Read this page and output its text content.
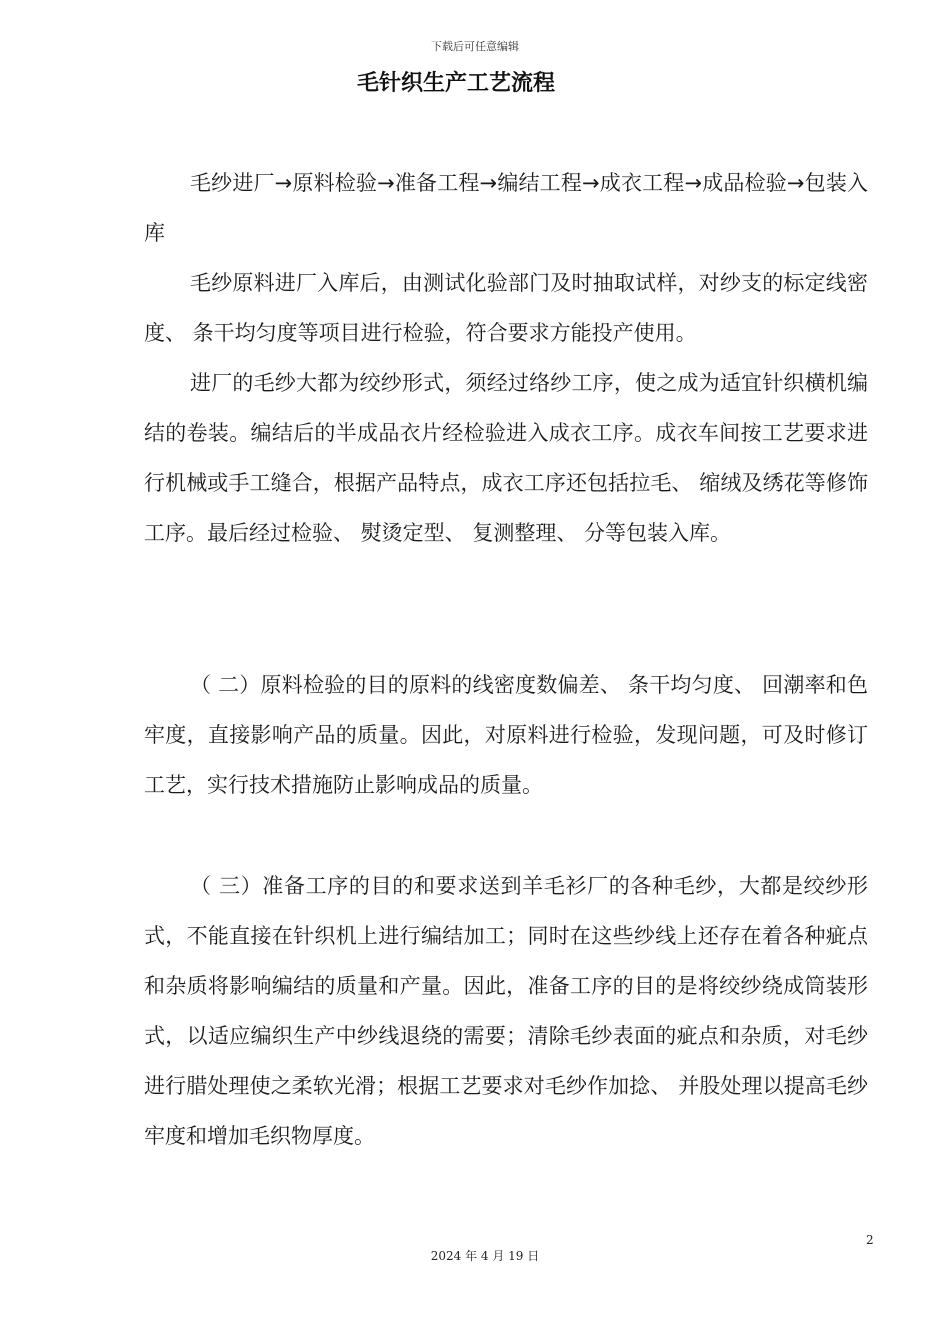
下载后可任意编辑
毛针织生产工艺流程

毛纱进厂→原料检验→准备工程→编结工程→成衣工程→成品检验→包装入库

毛纱原料进厂入库后，由测试化验部门及时抽取试样，对纱支的标定线密度、 条干均匀度等项目进行检验，符合要求方能投产使用。

进厂的毛纱大都为绞纱形式，须经过络纱工序，使之成为适宜针织横机编结的卷装。编结后的半成品衣片经检验进入成衣工序。成衣车间按工艺要求进行机械或手工缝合，根据产品特点，成衣工序还包括拉毛、 缩绒及绣花等修饰工序。最后经过检验、 熨烫定型、 复测整理、 分等包装入库。

（ 二）原料检验的目的原料的线密度数偏差、 条干均匀度、 回潮率和色牢度，直接影响产品的质量。因此，对原料进行检验，发现问题，可及时修订工艺，实行技术措施防止影响成品的质量。

（ 三）准备工序的目的和要求送到羊毛衫厂的各种毛纱，大都是绞纱形式，不能直接在针织机上进行编结加工；同时在这些纱线上还存在着各种疵点和杂质将影响编结的质量和产量。因此，准备工序的目的是将绞纱绕成筒装形式，以适应编织生产中纱线退绕的需要；清除毛纱表面的疵点和杂质，对毛纱进行腊处理使之柔软光滑；根据工艺要求对毛纱作加捻、 并股处理以提高毛纱牢度和增加毛织物厚度。

2
2024 年 4 月 19 日
